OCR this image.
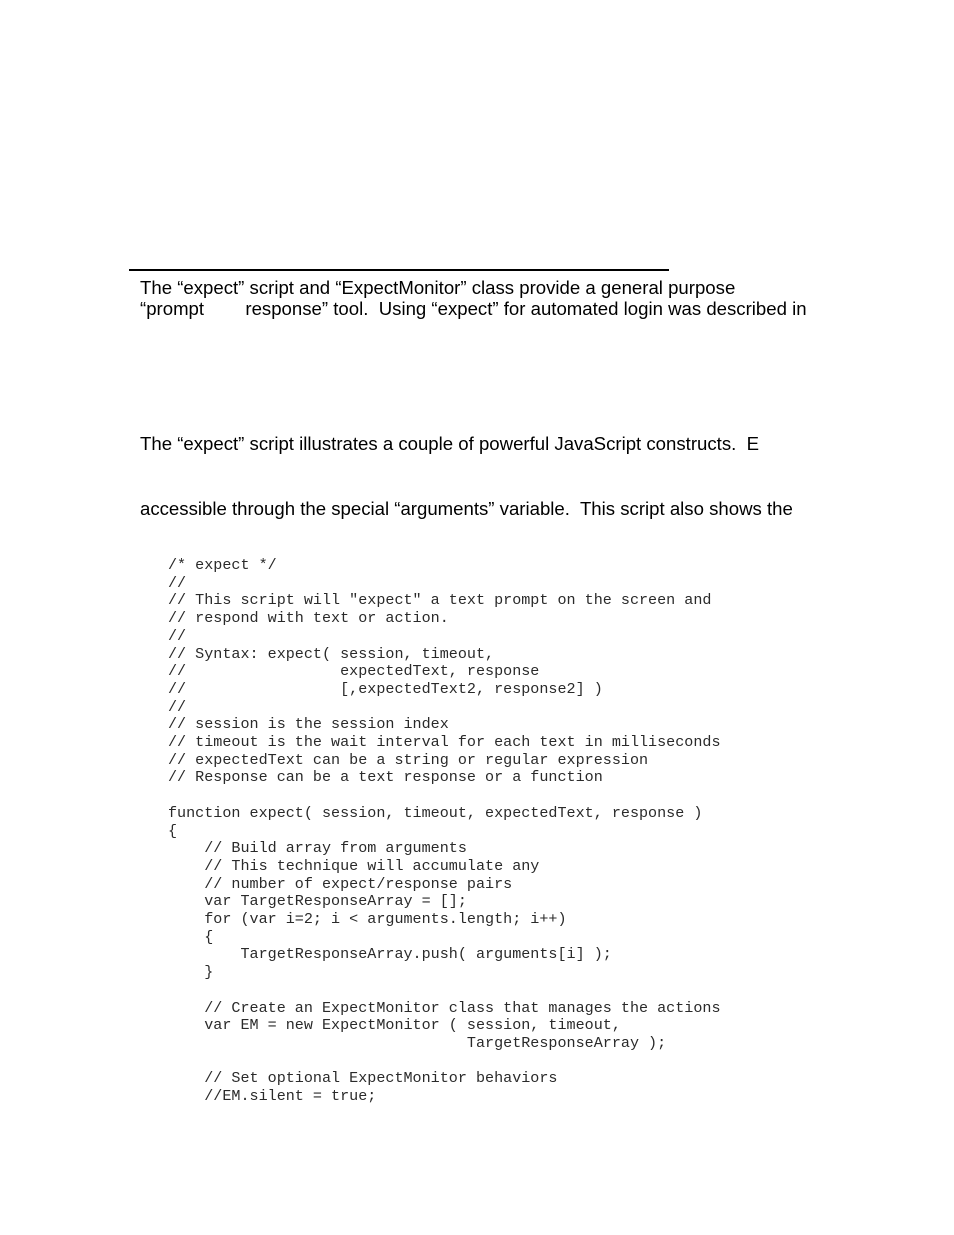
The “expect” script and “ExpectMonitor” class provide a general purpose
“prompt        response” tool.  Using “expect” for automated login was described in

The “expect” script illustrates a couple of powerful JavaScript constructs.  E

accessible through the special “arguments” variable.  This script also shows the

/* expect */
//
// This script will "expect" a text prompt on the screen and
// respond with text or action.
//
// Syntax: expect( session, timeout,
//                 expectedText, response
//                 [,expectedText2, response2] )
//
// session is the session index
// timeout is the wait interval for each text in milliseconds
// expectedText can be a string or regular expression
// Response can be a text response or a function
function expect( session, timeout, expectedText, response )
{
// Build array from arguments
// This technique will accumulate any
// number of expect/response pairs
var TargetResponseArray = [];
for (var i=2; i < arguments.length; i++)
{
TargetResponseArray.push( arguments[i] );
}
// Create an ExpectMonitor class that manages the actions
var EM = new ExpectMonitor ( session, timeout,
TargetResponseArray );
// Set optional ExpectMonitor behaviors
//EM.silent = true;
